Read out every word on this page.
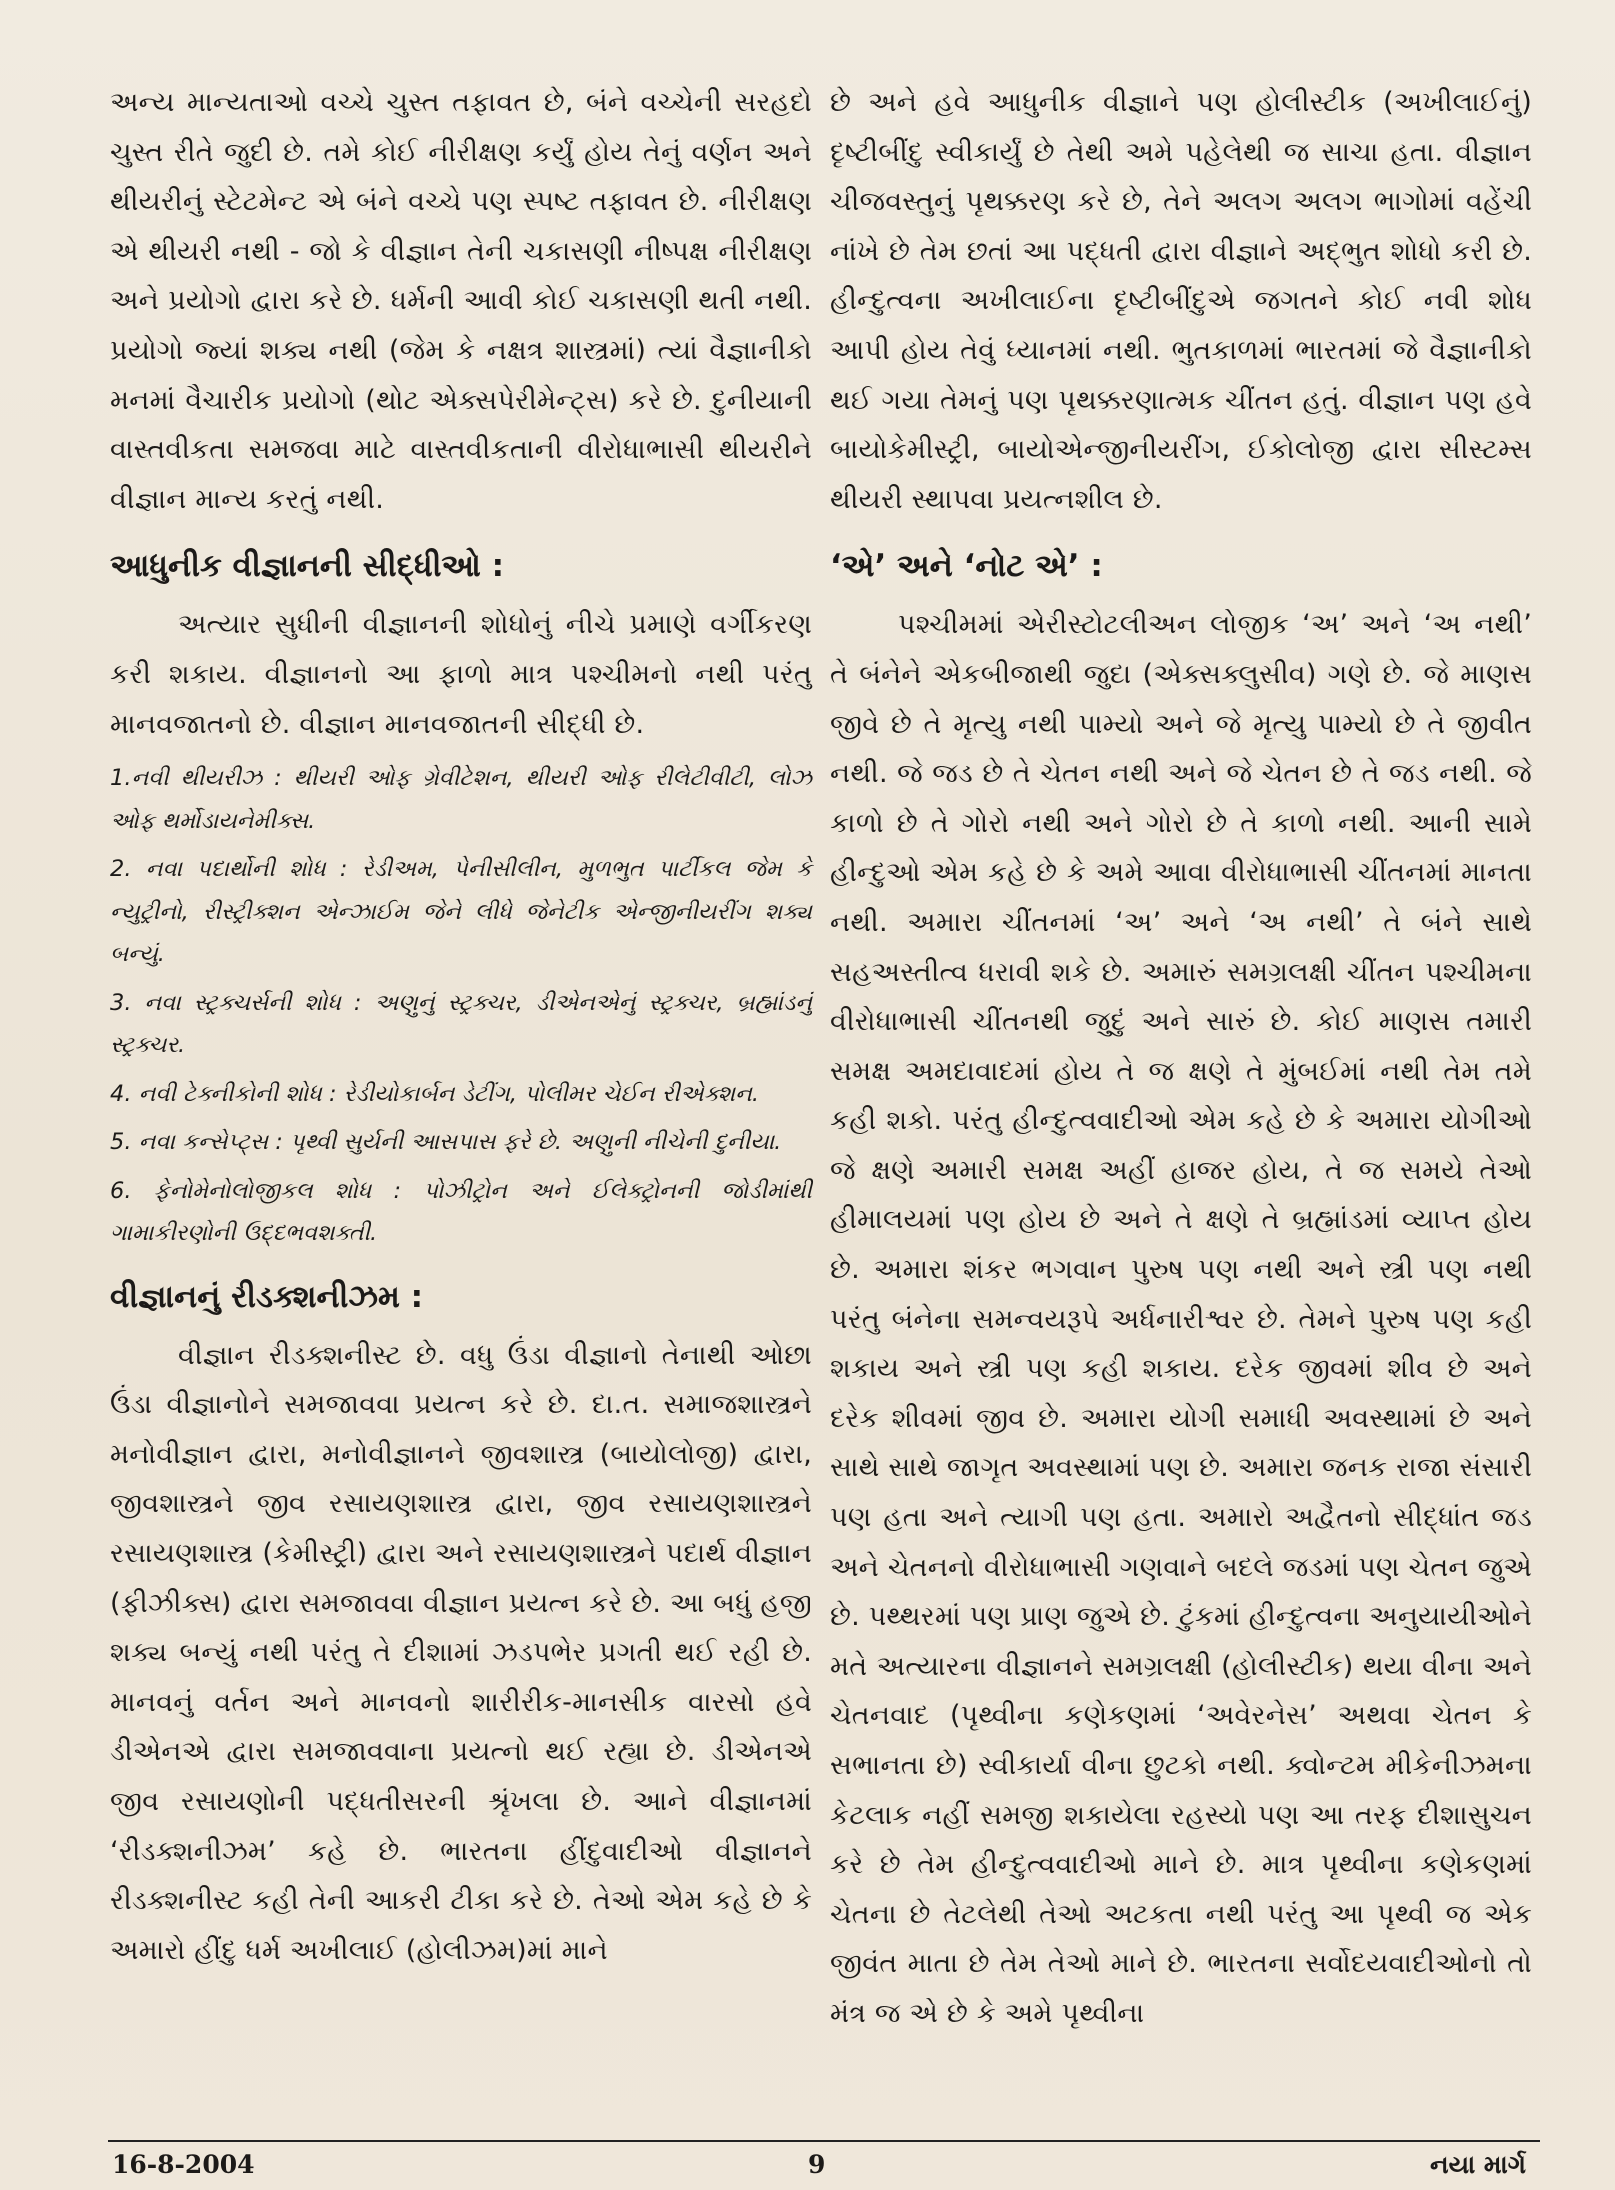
અન્ય માન્યતાઓ વચ્ચે ચુસ્ત તફાવત છે, બંને વચ્ચેની સરહદો ચુસ્ત રીતે જુદી છે. તમે કોઈ નીરીક્ષણ કર્યું હોય તેનું વર્ણન અને થીયરીનું સ્ટેટમેન્ટ એ બંને વચ્ચે પણ સ્પષ્ટ તફાવત છે. નીરીક્ષણ એ થીયરી નથી - જો કે વીજ્ઞાન તેની ચકાસણી નીષ્પક્ષ નીરીક્ષણ અને પ્રયોગો દ્વારા કરે છે. ધર્મની આવી કોઈ ચકાસણી થતી નથી. પ્રયોગો જ્યાં શક્ય નથી (જેમ કે નક્ષત્ર શાસ્ત્રમાં) ત્યાં વૈજ્ઞાનીકો મનમાં વૈચારીક પ્રયોગો (થોટ એક્સપેરીમેન્ટ્સ) કરે છે. દુનીયાની વાસ્તવીકતા સમજવા માટે વાસ્તવીકતાની વીરોધાભાસી થીયરીને વીજ્ઞાન માન્ય કરતું નથી.

આધુનીક વીજ્ઞાનની સીદ્ધીઓ :

અત્યાર સુધીની વીજ્ઞાનની શોધોનું નીચે પ્રમાણે વર્ગીકરણ કરી શકાય. વીજ્ઞાનનો આ ફાળો માત્ર પશ્ચીમનો નથી પરંતુ માનવજાતનો છે. વીજ્ઞાન માનવજાતની સીદ્ધી છે.

1.નવી થીયરીઝ : થીયરી ઓફ ગ્રેવીટેશન, થીયરી ઓફ રીલેટીવીટી, લોઝ ઓફ થર્મોડાયનેમીક્સ.

2. નવા પદાર્થોની શોધ : રેડીઅમ, પેનીસીલીન, મુળભુત પાર્ટીકલ જેમ કે ન્યુટ્રીનો, રીસ્ટ્રીક્શન એન્ઝાઈમ જેને લીધે જેનેટીક એન્જીનીયરીંગ શક્ય બન્યું.

3. નવા સ્ટ્રક્ચર્સની શોધ : અણુનું સ્ટ્રક્ચર, ડીએનએનું સ્ટ્રક્ચર, બ્રહ્માંડનું સ્ટ્રક્ચર.

4. નવી ટેક્નીકોની શોધ : રેડીયોકાર્બન ડેટીંગ, પોલીમર ચેઈન રીએક્શન.

5. નવા કન્સેપ્ટ્સ : પૃથ્વી સુર્યની આસપાસ ફરે છે. અણુની નીચેની દુનીયા.

6. ફેનોમેનોલોજીકલ શોધ : પોઝીટ્રોન અને ઈલેક્ટ્રોનની જોડીમાંથી ગામાકીરણોની ઉદ્દભવશક્તી.

વીજ્ઞાનનું રીડક્શનીઝમ :

વીજ્ઞાન રીડક્શનીસ્ટ છે. વધુ ઉંડા વીજ્ઞાનો તેનાથી ઓછા ઉંડા વીજ્ઞાનોને સમજાવવા પ્રયત્ન કરે છે. દા.ત. સમાજશાસ્ત્રને મનોવીજ્ઞાન દ્વારા, મનોવીજ્ઞાનને જીવશાસ્ત્ર (બાયોલોજી) દ્વારા, જીવશાસ્ત્રને જીવ રસાયણશાસ્ત્ર દ્વારા, જીવ રસાયણશાસ્ત્રને રસાયણશાસ્ત્ર (કેમીસ્ટ્રી) દ્વારા અને રસાયણશાસ્ત્રને પદાર્થ વીજ્ઞાન (ફીઝીક્સ) દ્વારા સમજાવવા વીજ્ઞાન પ્રયત્ન કરે છે. આ બધું હજી શક્ય બન્યું નથી પરંતુ તે દીશામાં ઝડપભેર પ્રગતી થઈ રહી છે. માનવનું વર્તન અને માનવનો શારીરીક-માનસીક વારસો હવે ડીએનએ દ્વારા સમજાવવાના પ્રયત્નો થઈ રહ્યા છે. ડીએનએ જીવ રસાયણોની પદ્ધતીસરની શ્રૃંખલા છે. આને વીજ્ઞાનમાં ‘રીડક્શનીઝમ’ કહે છે. ભારતના હીંદુવાદીઓ વીજ્ઞાનને રીડક્શનીસ્ટ કહી તેની આકરી ટીકા કરે છે. તેઓ એમ કહે છે કે અમારો હીંદુ ધર્મ અખીલાઈ (હોલીઝમ)માં માને

છે અને હવે આધુનીક વીજ્ઞાને પણ હોલીસ્ટીક (અખીલાઈનું) દૃષ્ટીબીંદુ સ્વીકાર્યું છે તેથી અમે પહેલેથી જ સાચા હતા. વીજ્ઞાન ચીજવસ્તુનું પૃથક્કરણ કરે છે, તેને અલગ અલગ ભાગોમાં વહેંચી નાંખે છે તેમ છતાં આ પદ્ધતી દ્વારા વીજ્ઞાને અદ્ભુત શોધો કરી છે. હીન્દુત્વના અખીલાઈના દૃષ્ટીબીંદુએ જગતને કોઈ નવી શોધ આપી હોય તેવું ધ્યાનમાં નથી. ભુતકાળમાં ભારતમાં જે વૈજ્ઞાનીકો થઈ ગયા તેમનું પણ પૃથક્કરણાત્મક ચીંતન હતું. વીજ્ઞાન પણ હવે બાયોકેમીસ્ટ્રી, બાયોએન્જીનીયરીંગ, ઈકોલોજી દ્વારા સીસ્ટમ્સ થીયરી સ્થાપવા પ્રયત્નશીલ છે.

‘એ’ અને ‘નોટ એ’ :

પશ્ચીમમાં એરીસ્ટોટલીઅન લોજીક ‘અ’ અને ‘અ નથી’ તે બંનેને એકબીજાથી જુદા (એક્સક્લુસીવ) ગણે છે. જે માણસ જીવે છે તે મૃત્યુ નથી પામ્યો અને જે મૃત્યુ પામ્યો છે તે જીવીત નથી. જે જડ છે તે ચેતન નથી અને જે ચેતન છે તે જડ નથી. જે કાળો છે તે ગોરો નથી અને ગોરો છે તે કાળો નથી. આની સામે હીન્દુઓ એમ કહે છે કે અમે આવા વીરોધાભાસી ચીંતનમાં માનતા નથી. અમારા ચીંતનમાં ‘અ’ અને ‘અ નથી’ તે બંને સાથે સહઅસ્તીત્વ ધરાવી શકે છે. અમારું સમગ્રલક્ષી ચીંતન પશ્ચીમના વીરોધાભાસી ચીંતનથી જુદું અને સારું છે. કોઈ માણસ તમારી સમક્ષ અમદાવાદમાં હોય તે જ ક્ષણે તે મુંબઈમાં નથી તેમ તમે કહી શકો. પરંતુ હીન્દુત્વવાદીઓ એમ કહે છે કે અમારા યોગીઓ જે ક્ષણે અમારી સમક્ષ અહીં હાજર હોય, તે જ સમયે તેઓ હીમાલયમાં પણ હોય છે અને તે ક્ષણે તે બ્રહ્માંડમાં વ્યાપ્ત હોય છે. અમારા શંકર ભગવાન પુરુષ પણ નથી અને સ્ત્રી પણ નથી પરંતુ બંનેના સમન્વયરૂપે અર્ધનારીશ્વર છે. તેમને પુરુષ પણ કહી શકાય અને સ્ત્રી પણ કહી શકાય. દરેક જીવમાં શીવ છે અને દરેક શીવમાં જીવ છે. અમારા યોગી સમાધી અવસ્થામાં છે અને સાથે સાથે જાગૃત અવસ્થામાં પણ છે. અમારા જનક રાજા સંસારી પણ હતા અને ત્યાગી પણ હતા. અમારો અદ્વૈતનો સીદ્ધાંત જડ અને ચેતનનો વીરોધાભાસી ગણવાને બદલે જડમાં પણ ચેતન જુએ છે. પથ્થરમાં પણ પ્રાણ જુએ છે. ટુંકમાં હીન્દુત્વના અનુયાયીઓને મતે અત્યારના વીજ્ઞાનને સમગ્રલક્ષી (હોલીસ્ટીક) થયા વીના અને ચેતનવાદ (પૃથ્વીના કણેકણમાં ‘અવેરનેસ’ અથવા ચેતન કે સભાનતા છે) સ્વીકાર્યા વીના છુટકો નથી. ક્વોન્ટમ મીકેનીઝમના કેટલાક નહીં સમજી શકાયેલા રહસ્યો પણ આ તરફ દીશાસુચન કરે છે તેમ હીન્દુત્વવાદીઓ માને છે. માત્ર પૃથ્વીના કણેકણમાં ચેતના છે તેટલેથી તેઓ અટકતા નથી પરંતુ આ પૃથ્વી જ એક જીવંત માતા છે તેમ તેઓ માને છે. ભારતના સર્વોદયવાદીઓનો તો મંત્ર જ એ છે કે અમે પૃથ્વીના

16-8-2004	9	નયા માર્ગ
